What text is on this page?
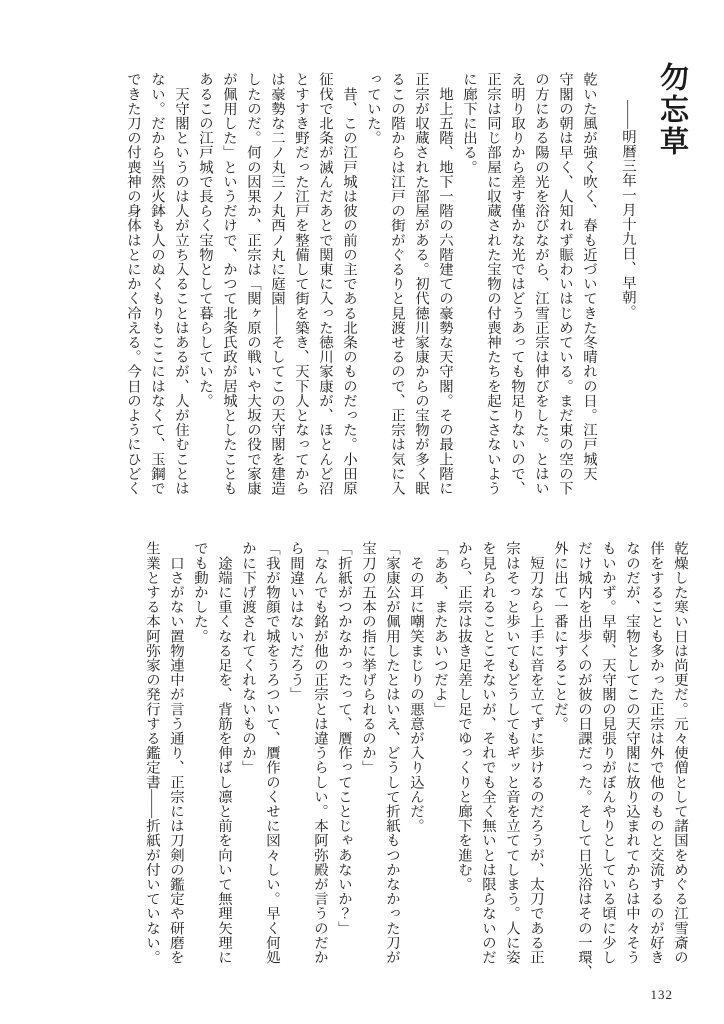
勿忘草

――明暦三年一月十九日、早朝。

乾いた風が強く吹く、春も近づいてきた冬晴れの日。江戸城天

守閣の朝は早く、人知れず賑わいはじめている。まだ東の空の下

の方にある陽の光を浴びながら、江雪正宗は伸びをした。とはい

え明り取りから差す僅かな光ではどうあっても物足りないので、

正宗は同じ部屋に収蔵された宝物の付喪神たちを起こさないよう

に廊下に出る。

　地上五階、地下一階の六階建ての豪勢な天守閣。その最上階に

正宗が収蔵された部屋がある。初代徳川家康からの宝物が多く眠

るこの階からは江戸の街がぐるりと見渡せるので、正宗は気に入

っていた。

　昔、この江戸城は彼の前の主である北条のものだった。小田原

征伐で北条が滅んだあとで関東に入った徳川家康が、ほとんど沼

とすすき野だった江戸を整備して街を築き、天下人となってから

は豪勢な二ノ丸三ノ丸西ノ丸に庭園――そしてこの天守閣を建造

したのだ。何の因果か、正宗は「関ヶ原の戦いや大坂の役で家康

が佩用した」というだけで、かつて北条氏政が居城としたことも

あるこの江戸城で長らく宝物として暮らしていた。

　天守閣というのは人が立ち入ることはあるが、人が住むことは

ない。だから当然火鉢も人のぬくもりもここにはなくて、玉鋼で

できた刀の付喪神の身体はとにかく冷える。今日のようにひどく

乾燥した寒い日は尚更だ。元々使僧として諸国をめぐる江雪斎の

伴をすることも多かった正宗は外で他のものと交流するのが好き

なのだが、宝物としてこの天守閣に放り込まれてからは中々そう

もいかず。早朝、天守閣の見張りがぼんやりとしている頃に少し

だけ城内を出歩くのが彼の日課だった。そして日光浴はその一環、

外に出て一番にすることだ。

　短刀なら上手に音を立てずに歩けるのだろうが、太刀である正

宗はそっと歩いてもどうしてもギッと音を立ててしまう。人に姿

を見られることこそないが、それでも全く無いとは限らないのだ

から、正宗は抜き足差し足でゆっくりと廊下を進む。

「ああ、またあいつだよ」

　その耳に嘲笑まじりの悪意が入り込んだ。

「家康公が佩用したとはいえ、どうして折紙もつかなかった刀が

宝刀の五本の指に挙げられるのか」

「折紙がつかなかったって、贋作ってことじゃあないか？」

「なんでも銘が他の正宗とは違うらしい。本阿弥殿が言うのだか

ら間違いはないだろう」

「我が物顔で城をうろついて、贋作のくせに図々しい。早く何処

かに下げ渡されてくれないものか」

　途端に重くなる足を、背筋を伸ばし凛と前を向いて無理矢理に

でも動かした。

　口さがない置物連中が言う通り、正宗には刀剣の鑑定や研磨を

生業とする本阿弥家の発行する鑑定書――折紙が付いていない。

132
